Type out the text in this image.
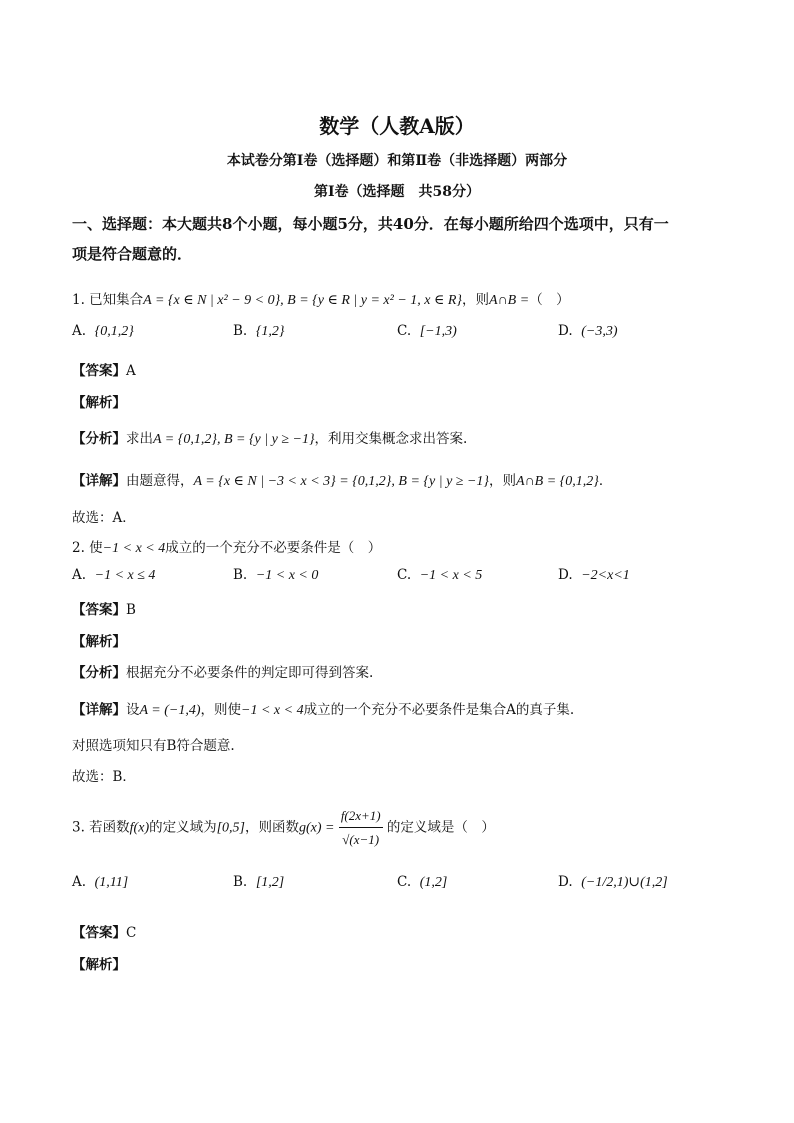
数学（人教A版）
本试卷分第Ⅰ卷（选择题）和第Ⅱ卷（非选择题）两部分
第Ⅰ卷（选择题　共58分）
一、选择题：本大题共8个小题，每小题5分，共40分．在每小题所给四个选项中，只有一
项是符合题意的．
1. 已知集合A = {x ∈ N | x² − 9 < 0}, B = {y ∈ R | y = x² − 1, x ∈ R}，则A∩B =（　）
A. {0,1,2}	B. {1,2}	C. [−1,3)	D. (−3,3)
【答案】A
【解析】
【分析】求出A = {0,1,2}, B = {y | y ≥ −1}，利用交集概念求出答案.
【详解】由题意得，A = {x ∈ N | −3 < x < 3} = {0,1,2}, B = {y | y ≥ −1}，则A∩B = {0,1,2}．
故选：A．
2. 使−1 < x < 4成立的一个充分不必要条件是（　）
A. −1 < x ≤ 4	B. −1 < x < 0	C. −1 < x < 5	D. −2<x<1
【答案】B
【解析】
【分析】根据充分不必要条件的判定即可得到答案.
【详解】设A = (−1,4)，则使−1 < x < 4成立的一个充分不必要条件是集合A的真子集.
对照选项知只有B符合题意.
故选：B．
3. 若函数f(x)的定义域为[0,5]，则函数$g(x) = \frac{f(2x+1)}{√(x-1)}$ 的定义域是（　）
A. (1,11]	B. [1,2]	C. (1,2]	D. (−1/2,1)∪(1,2]
【答案】C
【解析】
